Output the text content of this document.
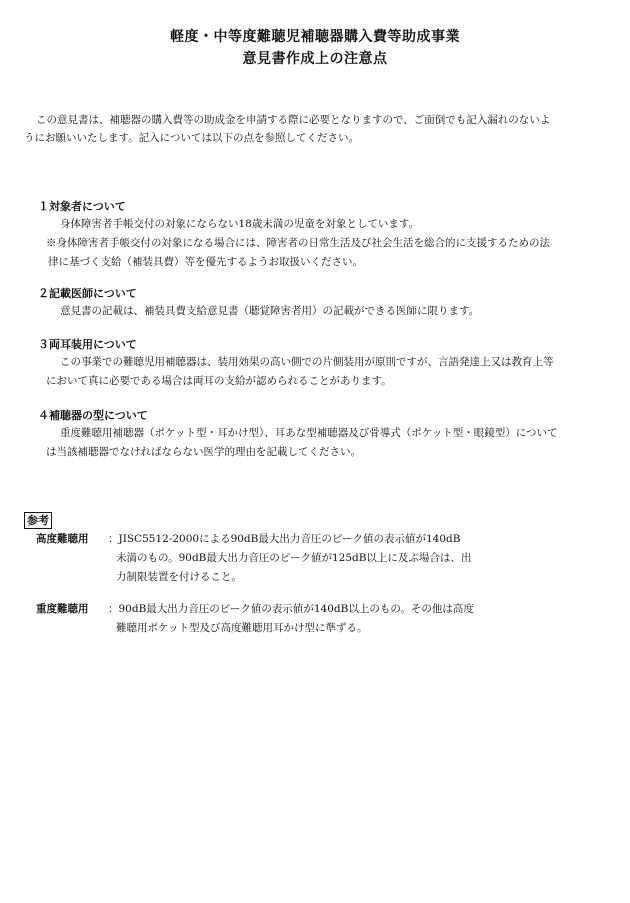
軽度・中等度難聴児補聴器購入費等助成事業
意見書作成上の注意点
この意見書は、補聴器の購入費等の助成金を申請する際に必要となりますので、ご面倒でも記入漏れのないよ
うにお願いいたします。記入については以下の点を参照してください。
１対象者について
身体障害者手帳交付の対象にならない18歳未満の児童を対象としています。
※身体障害者手帳交付の対象になる場合には、障害者の日常生活及び社会生活を総合的に支援するための法
律に基づく支給（補装具費）等を優先するようお取扱いください。
２記載医師について
意見書の記載は、補装具費支給意見書（聴覚障害者用）の記載ができる医師に限ります。
３両耳装用について
この事業での難聴児用補聴器は、装用効果の高い側での片側装用が原則ですが、言語発達上又は教育上等
において真に必要である場合は両耳の支給が認められることがあります。
４補聴器の型について
重度難聴用補聴器（ポケット型・耳かけ型）、耳あな型補聴器及び骨導式（ポケット型・眼鏡型）について
は当該補聴器でなければならない医学的理由を記載してください。
参考
高度難聴用 ：JISC5512-2000による90dB最大出力音圧のピーク値の表示値が140dB
未満のもの。90dB最大出力音圧のピーク値が125dB以上に及ぶ場合は、出
力制限装置を付けること。
重度難聴用 ：90dB最大出力音圧のピーク値の表示値が140dB以上のもの。その他は高度
難聴用ポケット型及び高度難聴用耳かけ型に準ずる。
